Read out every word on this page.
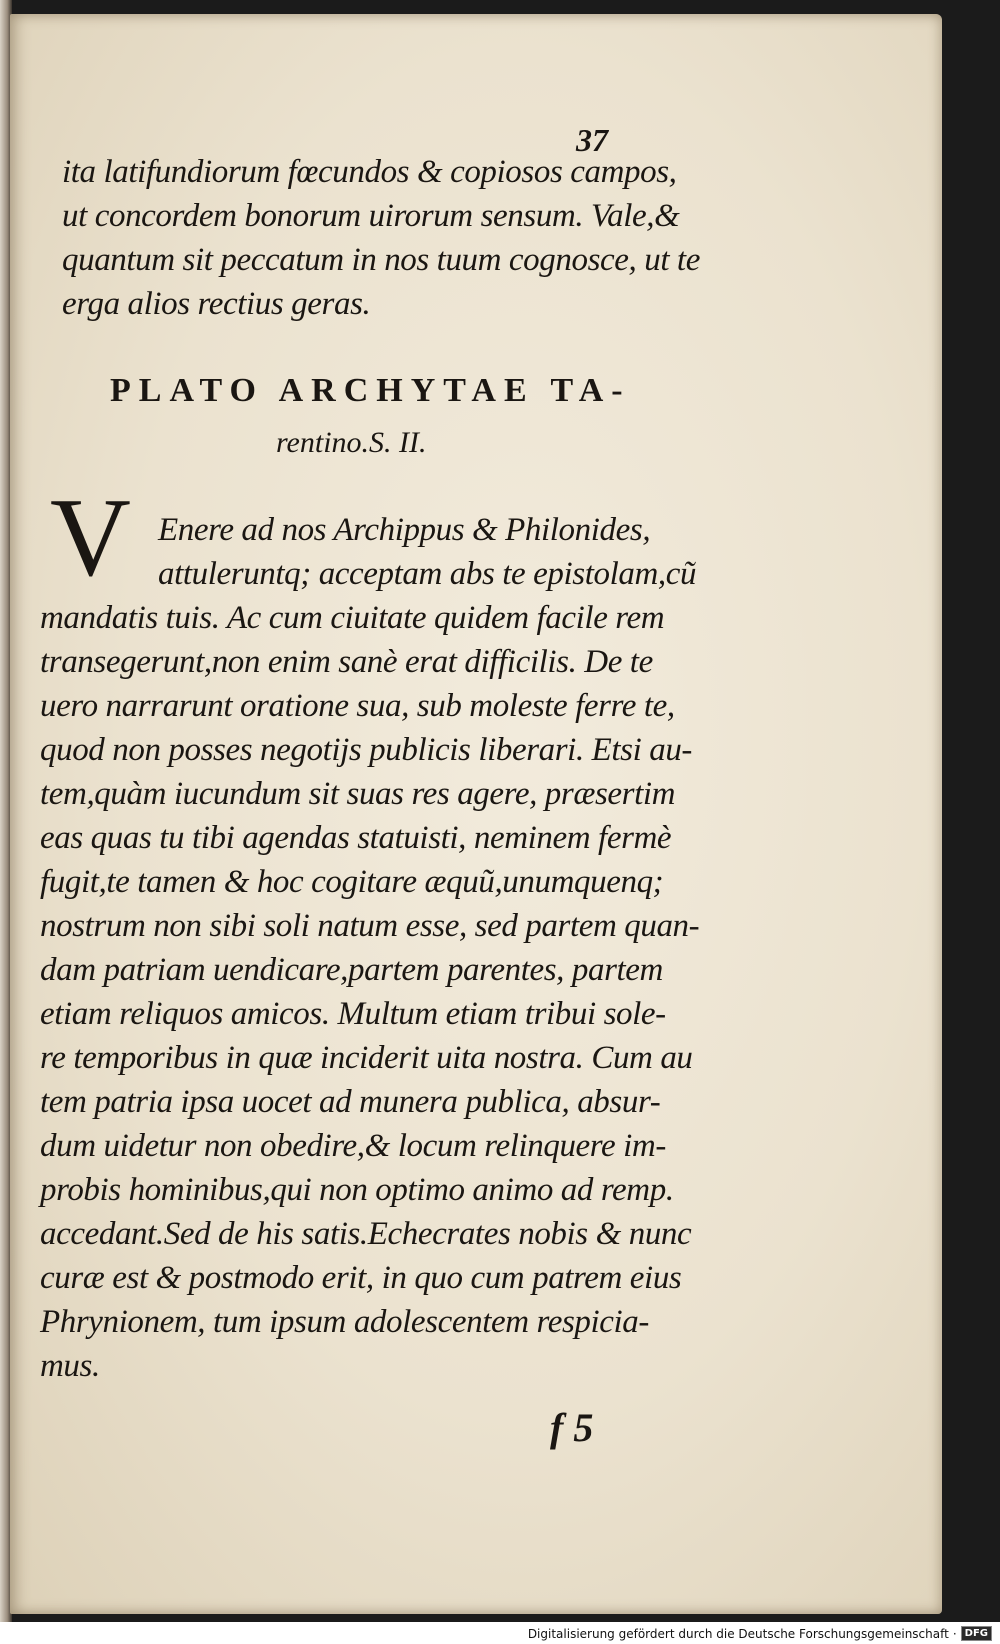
37
ita latifundiorum fœcundos & copiosos campos,
ut concordem bonorum uirorum sensum. Vale,&
quantum sit peccatum in nos tuum cognosce, ut te
erga alios rectius geras.
PLATO ARCHYTAE TA-
rentino.S. II.
V Enere ad nos Archippus & Philonides,
attuleruntq; acceptam abs te epistolam,cũ
mandatis tuis. Ac cum ciuitate quidem facile rem
transegerunt,non enim sanè erat difficilis. De te
uero narrarunt oratione sua, sub moleste ferre te,
quod non posses negotijs publicis liberari. Etsi au-
tem,quàm iucundum sit suas res agere, præsertim
eas quas tu tibi agendas statuisti, neminem fermè
fugit,te tamen & hoc cogitare æquũ,unumquenq;
nostrum non sibi soli natum esse, sed partem quan-
dam patriam uendicare,partem parentes, partem
etiam reliquos amicos. Multum etiam tribui sole-
re temporibus in quæ inciderit uita nostra. Cum au
tem patria ipsa uocet ad munera publica, absur-
dum uidetur non obedire,& locum relinquere im-
probis hominibus,qui non optimo animo ad remp.
accedant.Sed de his satis.Echecrates nobis & nunc
curæ est & postmodo erit, in quo cum patrem eius
Phrynionem, tum ipsum adolescentem respicia-
mus.
f 5
Digitalisierung gefördert durch die Deutsche Forschungsgemeinschaft · DFG
